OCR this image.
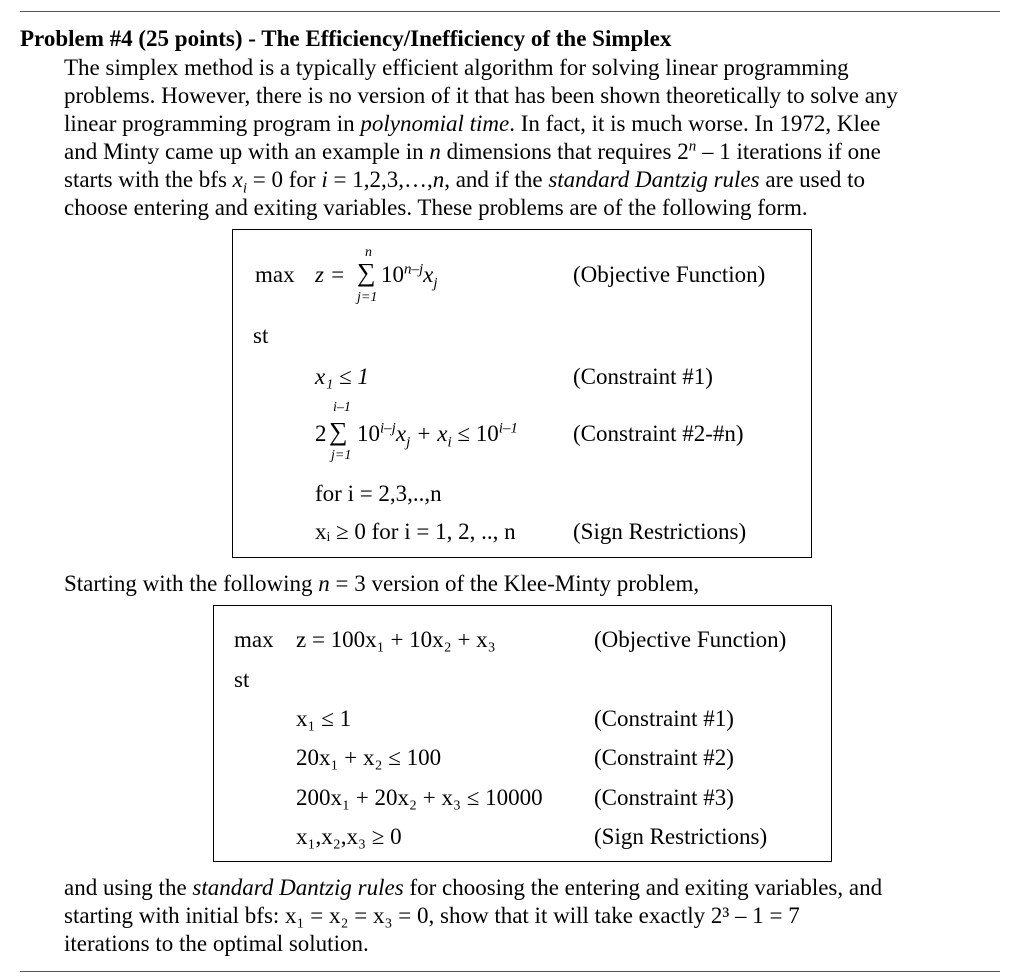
Problem #4 (25 points) - The Efficiency/Inefficiency of the Simplex
The simplex method is a typically efficient algorithm for solving linear programming
problems. However, there is no version of it that has been shown theoretically to solve any
linear programming program in polynomial time. In fact, it is much worse. In 1972, Klee
and Minty came up with an example in n dimensions that requires 2$^n$ – 1 iterations if one
starts with the bfs $x_i = 0$ for i = 1,2,3,…,n, and if the standard Dantzig rules are used to
choose entering and exiting variables. These problems are of the following form.
max z =
n
∑
j=1
$10^{n-j}x_j$	(Objective Function)
st
x₁ ≤ 1	(Constraint #1)
2
i–1
∑
j=1
$10^{i-j}x_j + x_i \le 10^{i-1}$ (Constraint #2-#n)
for i = 2,3,..,n
xᵢ ≥ 0 for i = 1, 2, .., n (Sign Restrictions)
Starting with the following n = 3 version of the Klee-Minty problem,
max z = 100x₁ + 10x₂ + x₃	(Objective Function)
st
x₁ ≤ 1	(Constraint #1)
20x₁ + x₂ ≤ 100	(Constraint #2)
200x₁ + 20x₂ + x₃ ≤ 10000 (Constraint #3)
x₁,x₂,x₃ ≥ 0	(Sign Restrictions)
and using the standard Dantzig rules for choosing the entering and exiting variables, and
starting with initial bfs: x₁ = x₂ = x₃ = 0, show that it will take exactly 2³ – 1 = 7
iterations to the optimal solution.
